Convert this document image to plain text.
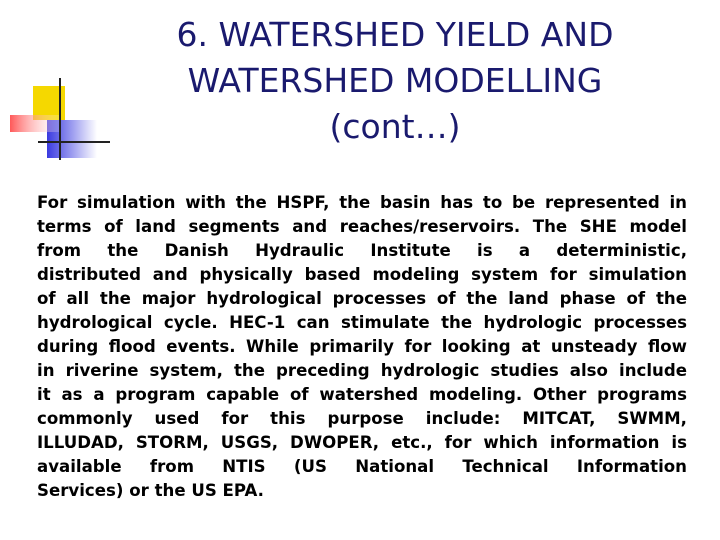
6. WATERSHED YIELD AND
WATERSHED MODELLING
(cont…)

For simulation with the HSPF, the basin has to be represented in
terms of land segments and reaches/reservoirs. The SHE model
from the Danish Hydraulic Institute is a deterministic,
distributed and physically based modeling system for simulation
of all the major hydrological processes of the land phase of the
hydrological cycle. HEC-1 can stimulate the hydrologic processes
during flood events. While primarily for looking at unsteady flow
in riverine system, the preceding hydrologic studies also include
it as a program capable of watershed modeling. Other programs
commonly used for this purpose include: MITCAT, SWMM,
ILLUDAD, STORM, USGS, DWOPER, etc., for which information is
available from NTIS (US National Technical Information
Services) or the US EPA.
